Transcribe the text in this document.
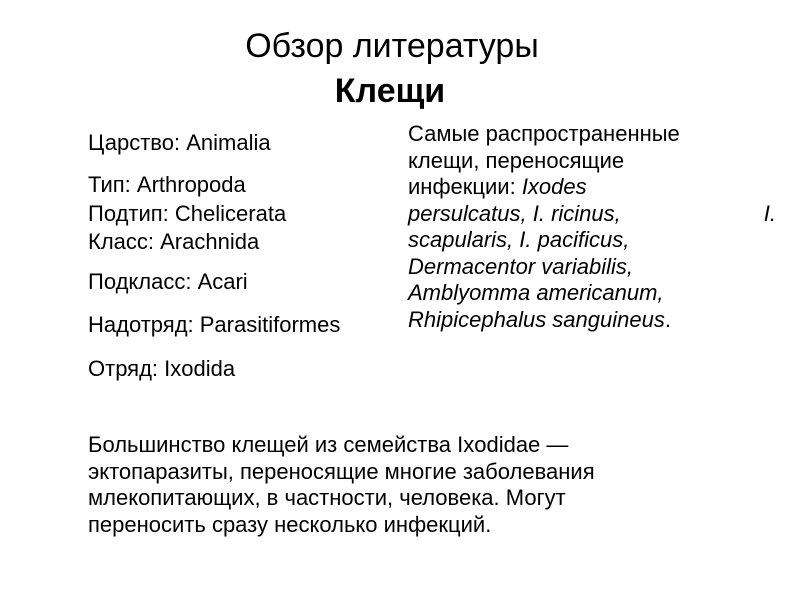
Обзор литературы
Клещи
Царство: Animalia
Тип: Arthropoda
Подтип: Chelicerata
Класс: Arachnida
Подкласс: Acari
Надотряд: Parasitiformes
Отряд: Ixodida
Самые распространенные
клещи, переносящие
инфекции: Ixodes
persulcatus, I. ricinus,	I.
scapularis, I. pacificus,
Dermacentor variabilis,
Amblyomma americanum,
Rhipicephalus sanguineus.
Большинство клещей из семейства Ixodidae —
эктопаразиты, переносящие многие заболевания
млекопитающих, в частности, человека. Могут
переносить сразу несколько инфекций.
